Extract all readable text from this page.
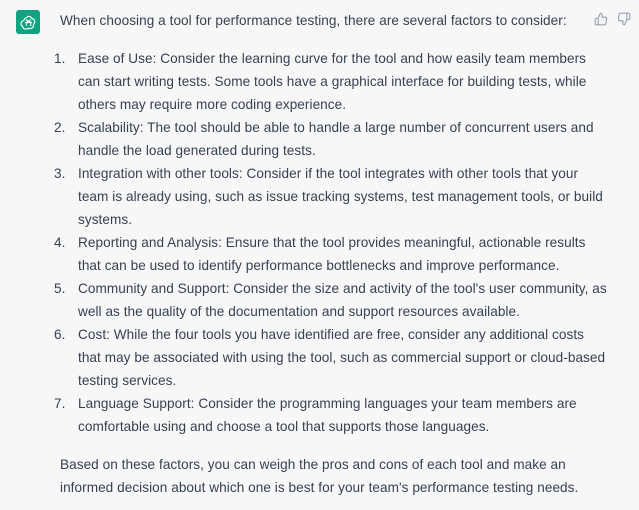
When choosing a tool for performance testing, there are several factors to consider:

1. Ease of Use: Consider the learning curve for the tool and how easily team members can start writing tests. Some tools have a graphical interface for building tests, while others may require more coding experience.
2. Scalability: The tool should be able to handle a large number of concurrent users and handle the load generated during tests.
3. Integration with other tools: Consider if the tool integrates with other tools that your team is already using, such as issue tracking systems, test management tools, or build systems.
4. Reporting and Analysis: Ensure that the tool provides meaningful, actionable results that can be used to identify performance bottlenecks and improve performance.
5. Community and Support: Consider the size and activity of the tool's user community, as well as the quality of the documentation and support resources available.
6. Cost: While the four tools you have identified are free, consider any additional costs that may be associated with using the tool, such as commercial support or cloud-based testing services.
7. Language Support: Consider the programming languages your team members are comfortable using and choose a tool that supports those languages.

Based on these factors, you can weigh the pros and cons of each tool and make an informed decision about which one is best for your team's performance testing needs.
